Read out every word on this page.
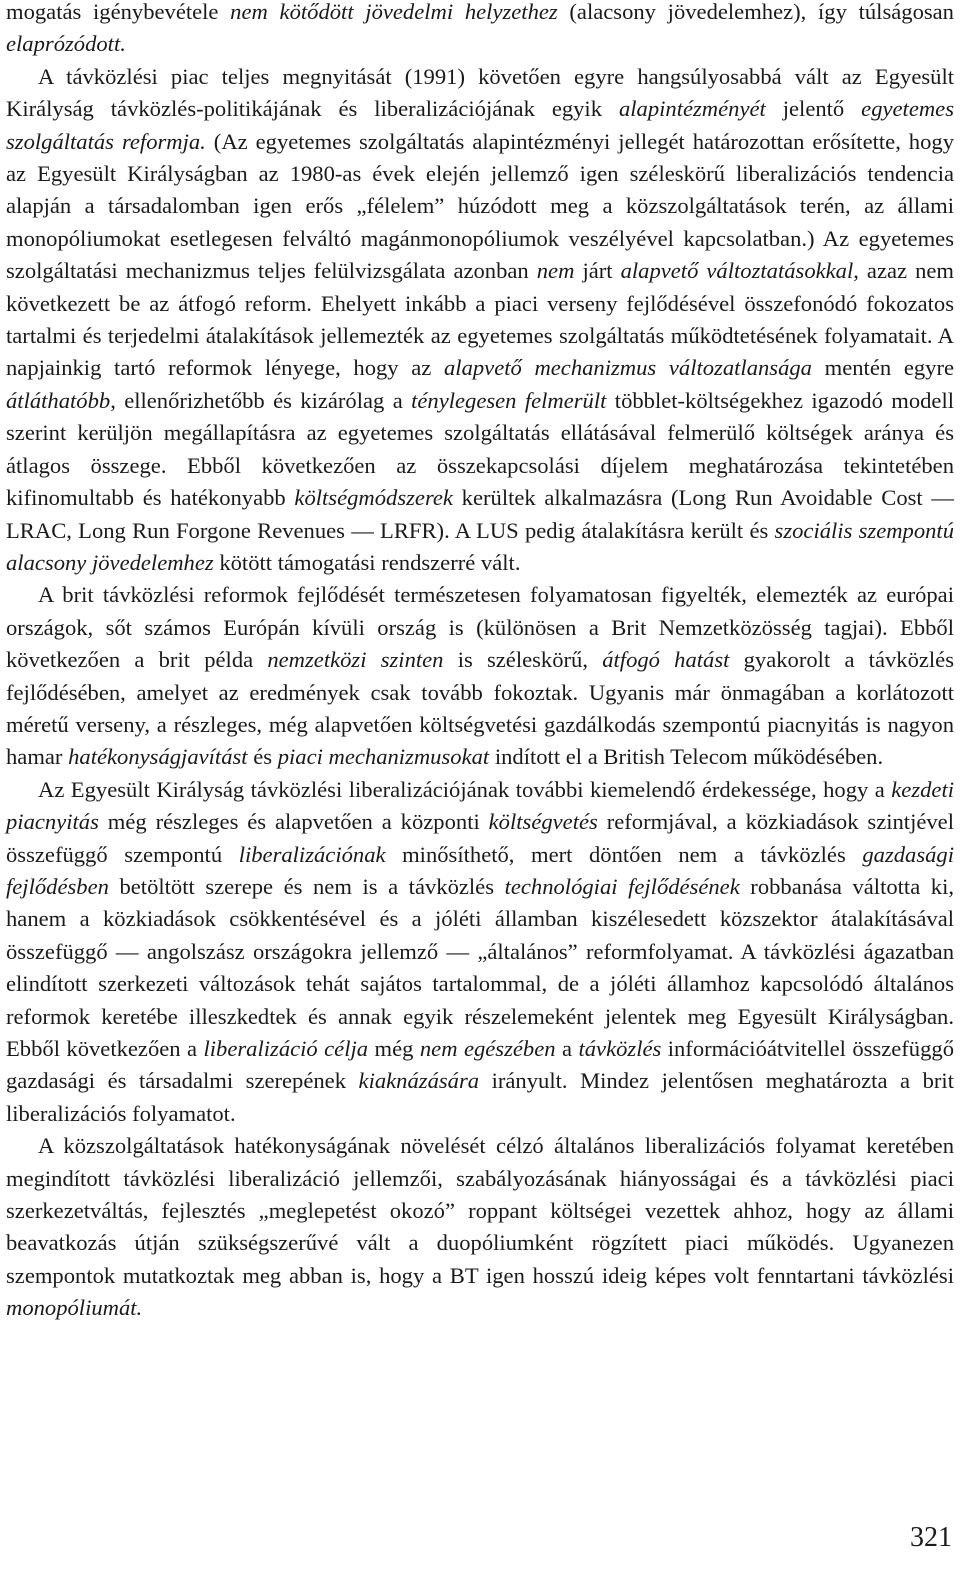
mogatás igénybevétele nem kötődött jövedelmi helyzethez (alacsony jövedelemhez), így túlságosan elaprózódott.

A távközlési piac teljes megnyitását (1991) követően egyre hangsúlyosabbá vált az Egyesült Királyság távközlés-politikájának és liberalizációjának egyik alapintézményét jelentő egyetemes szolgáltatás reformja. (Az egyetemes szolgáltatás alapintézményi jellegét határozottan erősítette, hogy az Egyesült Királyságban az 1980-as évek elején jellemző igen széleskörű liberalizációs tendencia alapján a társadalomban igen erős „félelem” húzódott meg a közszolgáltatások terén, az állami monopóliumokat esetlegesen felváltó magánmonopóliumok veszélyével kapcsolatban.) Az egyetemes szolgáltatási mechanizmus teljes felülvizsgálata azonban nem járt alapvető változtatásokkal, azaz nem következett be az átfogó reform. Ehelyett inkább a piaci verseny fejlődésével összefonódó fokozatos tartalmi és terjedelmi átalakítások jellemezték az egyetemes szolgáltatás működtetésének folyamatait. A napjainkig tartó reformok lényege, hogy az alapvető mechanizmus változatlansága mentén egyre átláthatóbb, ellenőrizhetőbb és kizárólag a ténylegesen felmerült többlet-költségekhez igazodó modell szerint kerüljön megállapításra az egyetemes szolgáltatás ellátásával felmerülő költségek aránya és átlagos összege. Ebből következően az összekapcsolási díjelem meghatározása tekintetében kifinomultabb és hatékonyabb költségmódszerek kerültek alkalmazásra (Long Run Avoidable Cost — LRAC, Long Run Forgone Revenues — LRFR). A LUS pedig átalakításra került és szociális szempontú alacsony jövedelemhez kötött támogatási rendszerré vált.

A brit távközlési reformok fejlődését természetesen folyamatosan figyelték, elemezték az európai országok, sőt számos Európán kívüli ország is (különösen a Brit Nemzetközösség tagjai). Ebből következően a brit példa nemzetközi szinten is széleskörű, átfogó hatást gyakorolt a távközlés fejlődésében, amelyet az eredmények csak tovább fokoztak. Ugyanis már önmagában a korlátozott méretű verseny, a részleges, még alapvetően költségvetési gazdálkodás szempontú piacnyitás is nagyon hamar hatékonyságjavítást és piaci mechanizmusokat indított el a British Telecom működésében.

Az Egyesült Királyság távközlési liberalizációjának további kiemelendő érdekessége, hogy a kezdeti piacnyitás még részleges és alapvetően a központi költségvetés reformjával, a közkiadások szintjével összefüggő szempontú liberalizációnak minősíthető, mert döntően nem a távközlés gazdasági fejlődésben betöltött szerepe és nem is a távközlés technológiai fejlődésének robbanása váltotta ki, hanem a közkiadások csökkentésével és a jóléti államban kiszélesedett közszektor átalakításával összefüggő — angolszász országokra jellemző — „általános” reformfolyamat. A távközlési ágazatban elindított szerkezeti változások tehát sajátos tartalommal, de a jóléti államhoz kapcsolódó általános reformok keretébe illeszkedtek és annak egyik részelemeként jelentek meg Egyesült Királyságban. Ebből következően a liberalizáció célja még nem egészében a távközlés információátvitellel összefüggő gazdasági és társadalmi szerepének kiaknázására irányult. Mindez jelentősen meghatározta a brit liberalizációs folyamatot.

A közszolgáltatások hatékonyságának növelését célzó általános liberalizációs folyamat keretében megindított távközlési liberalizáció jellemzői, szabályozásának hiányosságai és a távközlési piaci szerkezetváltás, fejlesztés „meglepetést okozó” roppant költségei vezettek ahhoz, hogy az állami beavatkozás útján szükségszerűvé vált a duopóliumként rögzített piaci működés. Ugyanezen szempontok mutatkoztak meg abban is, hogy a BT igen hosszú ideig képes volt fenntartani távközlési monopóliumát.

321
